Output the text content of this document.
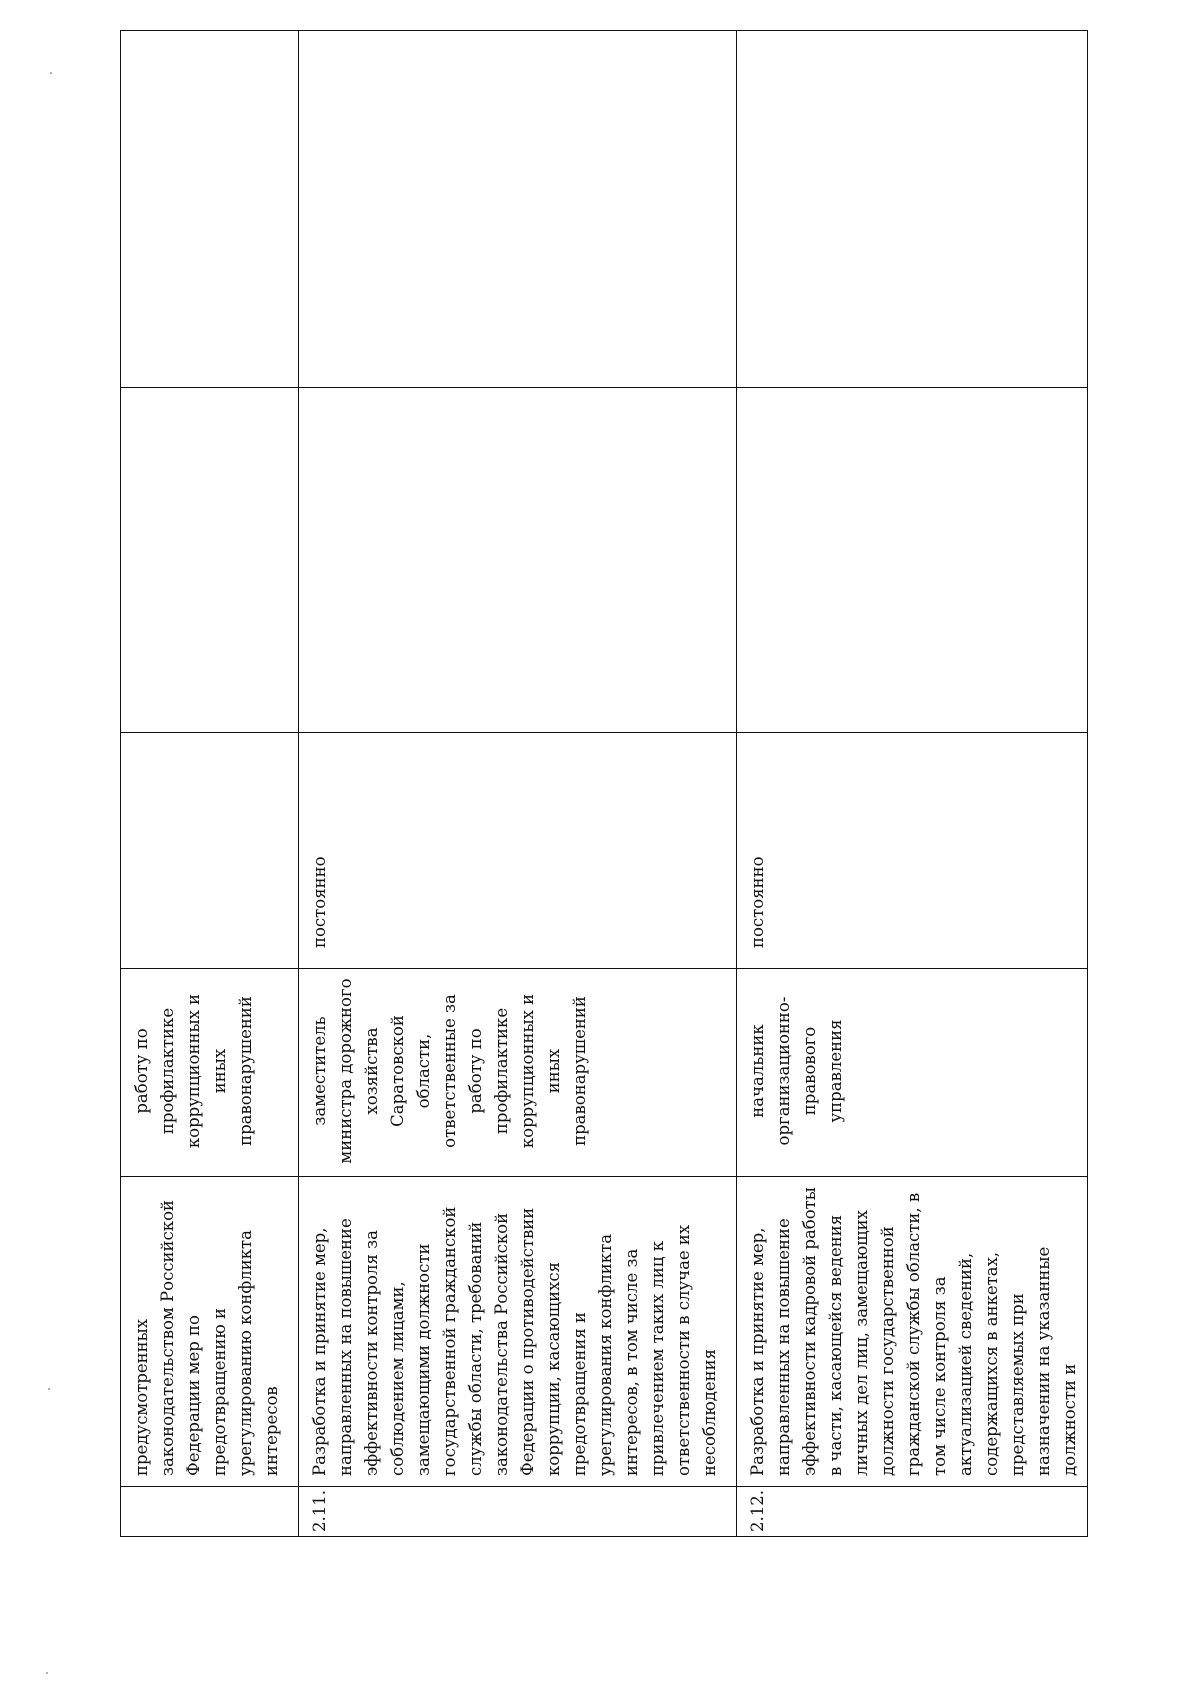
	предусмотренных законодательством Российской Федерации мер по предотвращению и урегулированию конфликта интересов	работу по профилактике коррупционных и иных правонарушений			
2.11.	Разработка и принятие мер, направленных на повышение эффективности контроля за соблюдением лицами, замещающими должности государственной гражданской службы области, требований законодательства Российской Федерации о противодействии коррупции, касающихся предотвращения и урегулирования конфликта интересов, в том числе за привлечением таких лиц к ответственности в случае их несоблюдения	заместитель министра дорожного хозяйства Саратовской области, ответственные за работу по профилактике коррупционных и иных правонарушений	постоянно		
2.12.	Разработка и принятие мер, направленных на повышение эффективности кадровой работы в части, касающейся ведения личных дел лиц, замещающих должности государственной гражданской службы области, в том числе контроля за актуализацией сведений, содержащихся в анкетах, представляемых при назначении на указанные должности и	начальник организационно-правового управления	постоянно		
